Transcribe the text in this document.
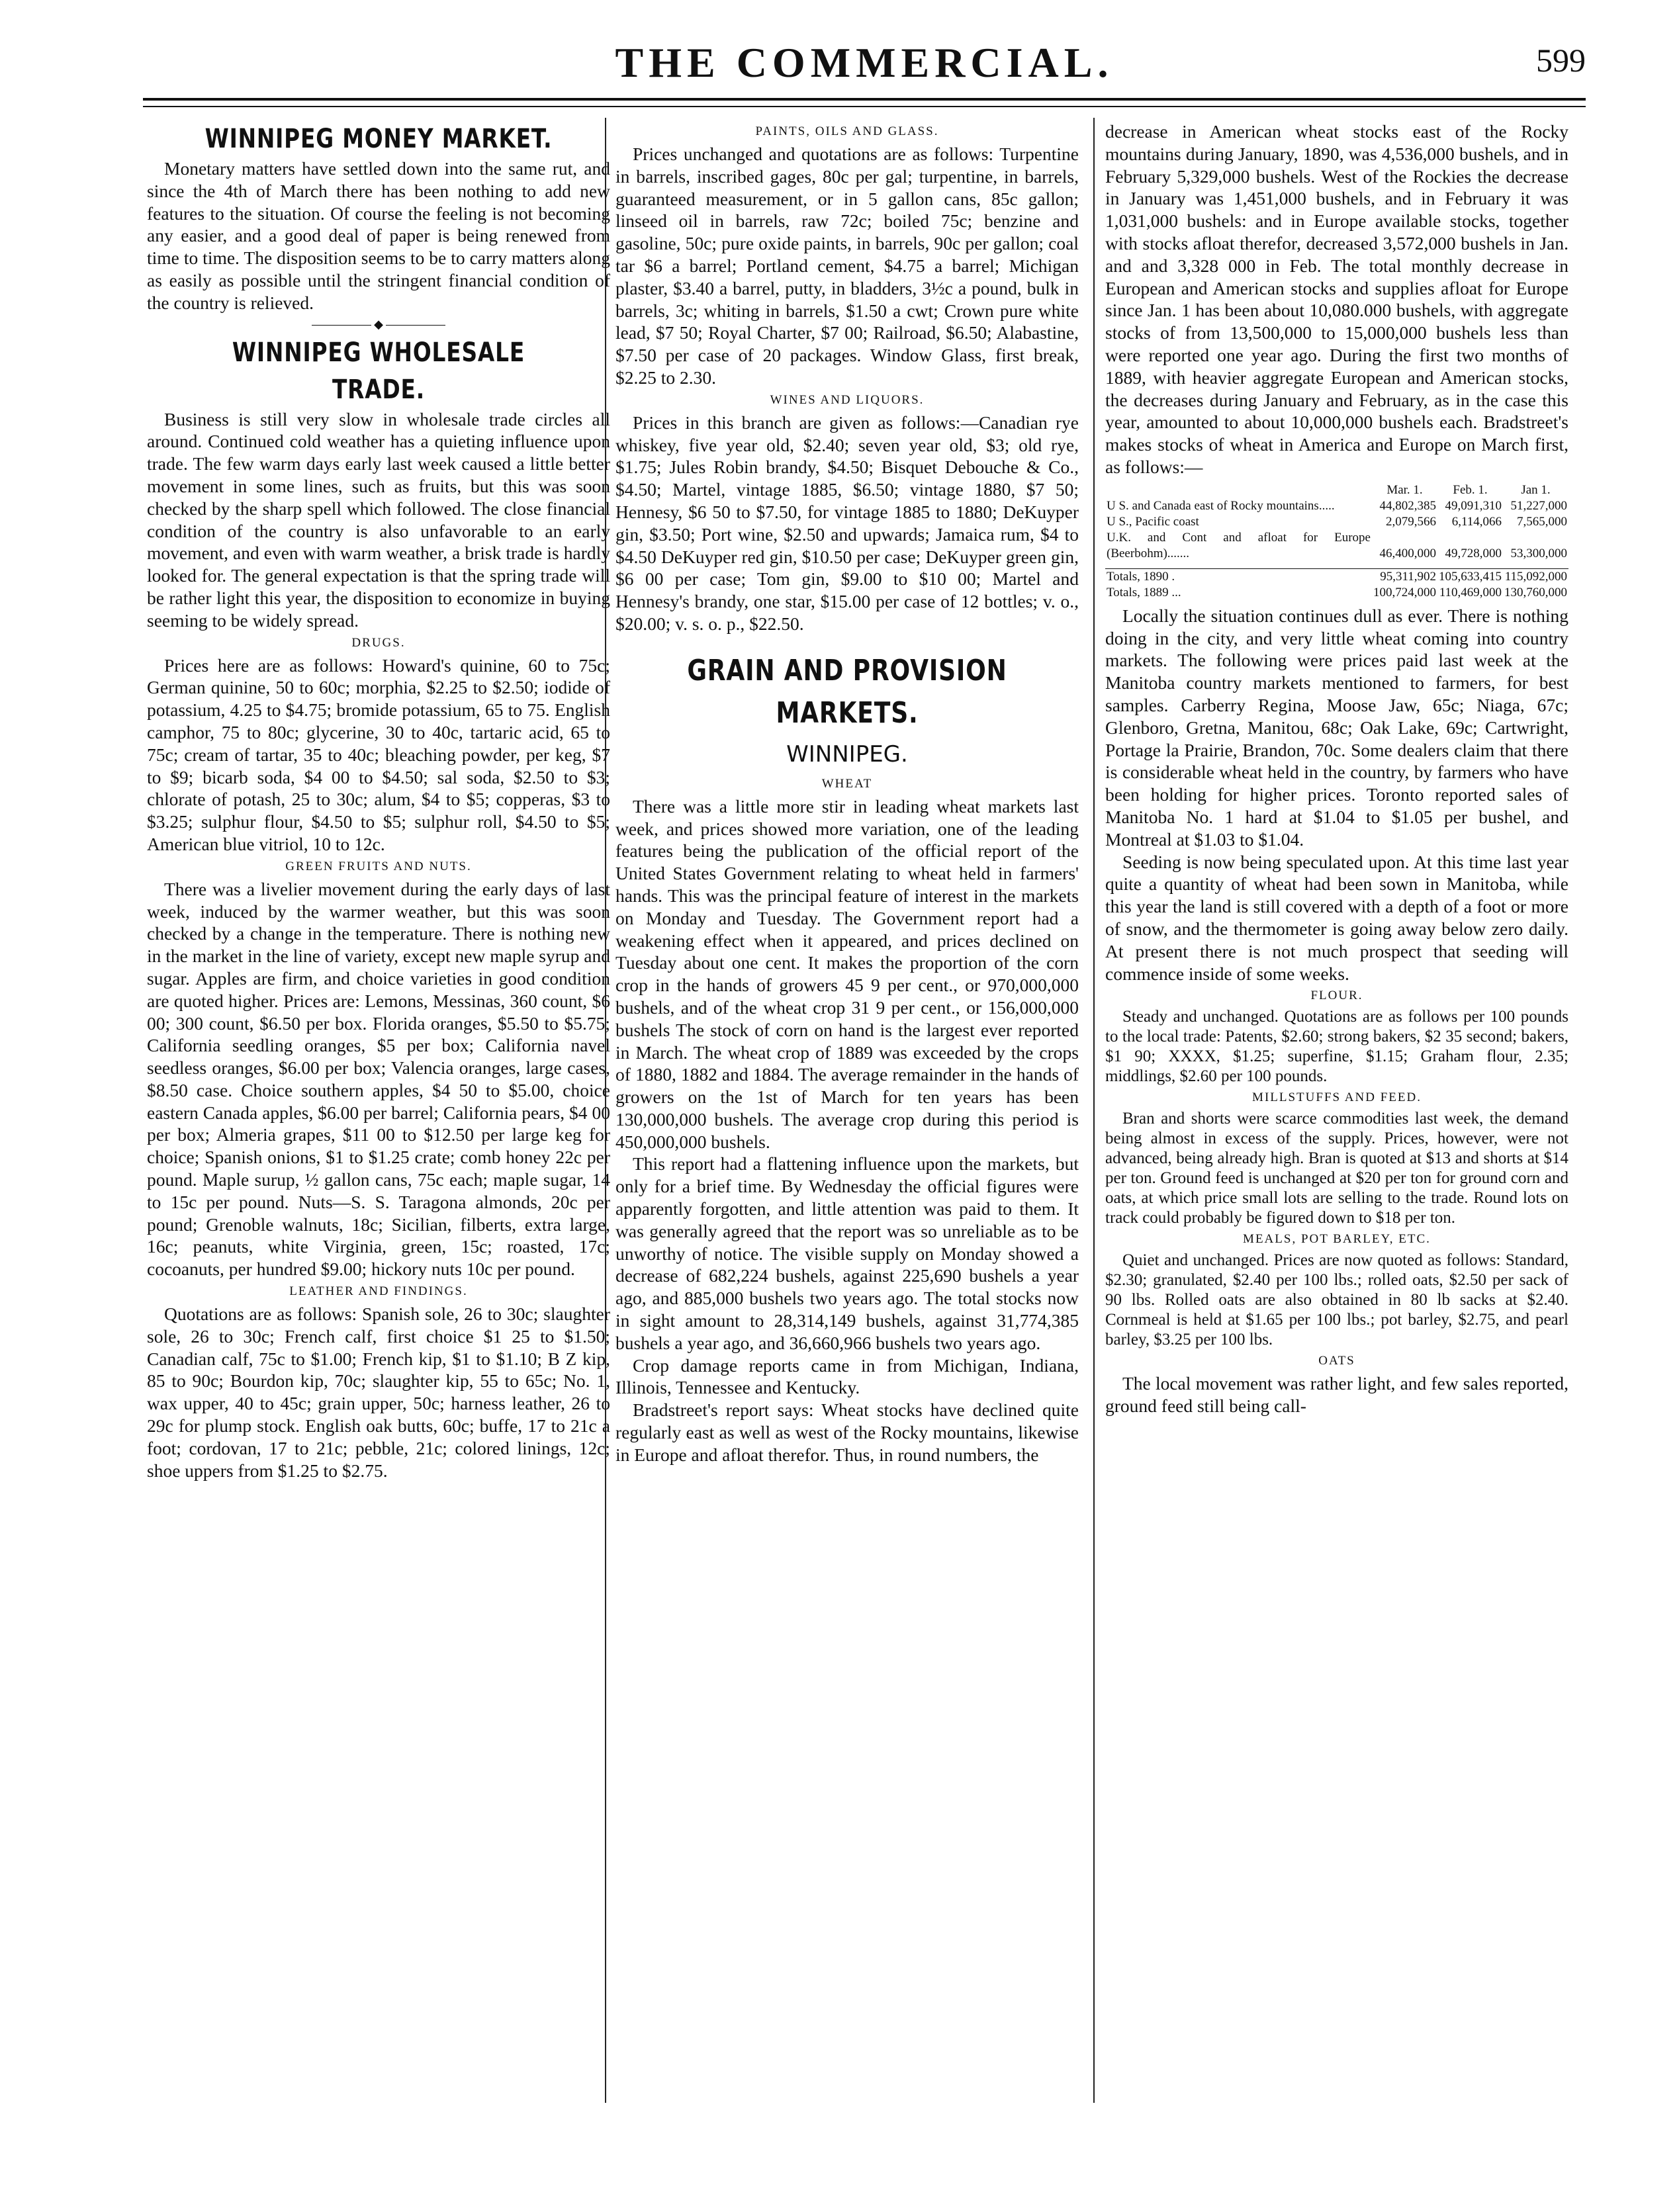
THE COMMERCIAL.	599
WINNIPEG MONEY MARKET.

Monetary matters have settled down into the same rut, and since the 4th of March there has been nothing to add new features to the situation. Of course the feeling is not becoming any easier, and a good deal of paper is being renewed from time to time. The disposition seems to be to carry matters along as easily as possible until the stringent financial condition of the country is relieved.

◆
WINNIPEG WHOLESALE TRADE.

Business is still very slow in wholesale trade circles all around. Continued cold weather has a quieting influence upon trade. The few warm days early last week caused a little better movement in some lines, such as fruits, but this was soon checked by the sharp spell which followed. The close financial condition of the country is also unfavorable to an early movement, and even with warm weather, a brisk trade is hardly looked for. The general expectation is that the spring trade will be rather light this year, the disposition to economize in buying seeming to be widely spread.

DRUGS.

Prices here are as follows: Howard's quinine, 60 to 75c; German quinine, 50 to 60c; morphia, $2.25 to $2.50; iodide of potassium, 4.25 to $4.75; bromide potassium, 65 to 75. English camphor, 75 to 80c; glycerine, 30 to 40c, tartaric acid, 65 to 75c; cream of tartar, 35 to 40c; bleaching powder, per keg, $7 to $9; bicarb soda, $4 00 to $4.50; sal soda, $2.50 to $3; chlorate of potash, 25 to 30c; alum, $4 to $5; copperas, $3 to $3.25; sulphur flour, $4.50 to $5; sulphur roll, $4.50 to $5; American blue vitriol, 10 to 12c.

GREEN FRUITS AND NUTS.

There was a livelier movement during the early days of last week, induced by the warmer weather, but this was soon checked by a change in the temperature. There is nothing new in the market in the line of variety, except new maple syrup and sugar. Apples are firm, and choice varieties in good condition are quoted higher. Prices are: Lemons, Messinas, 360 count, $6 00; 300 count, $6.50 per box. Florida oranges, $5.50 to $5.75; California seedling oranges, $5 per box; California navel seedless oranges, $6.00 per box; Valencia oranges, large cases, $8.50 case. Choice southern apples, $4 50 to $5.00, choice eastern Canada apples, $6.00 per barrel; California pears, $4 00 per box; Almeria grapes, $11 00 to $12.50 per large keg for choice; Spanish onions, $1 to $1.25 crate; comb honey 22c per pound. Maple surup, ½ gallon cans, 75c each; maple sugar, 14 to 15c per pound. Nuts—S. S. Taragona almonds, 20c per pound; Grenoble walnuts, 18c; Sicilian, filberts, extra large, 16c; peanuts, white Virginia, green, 15c; roasted, 17c; cocoanuts, per hundred $9.00; hickory nuts 10c per pound.

LEATHER AND FINDINGS.

Quotations are as follows: Spanish sole, 26 to 30c; slaughter sole, 26 to 30c; French calf, first choice $1 25 to $1.50; Canadian calf, 75c to $1.00; French kip, $1 to $1.10; B Z kip, 85 to 90c; Bourdon kip, 70c; slaughter kip, 55 to 65c; No. 1, wax upper, 40 to 45c; grain upper, 50c; harness leather, 26 to 29c for plump stock. English oak butts, 60c; buffe, 17 to 21c a foot; cordovan, 17 to 21c; pebble, 21c; colored linings, 12c; shoe uppers from $1.25 to $2.75.

PAINTS, OILS AND GLASS.

Prices unchanged and quotations are as follows: Turpentine in barrels, inscribed gages, 80c per gal; turpentine, in barrels, guaranteed measurement, or in 5 gallon cans, 85c gallon; linseed oil in barrels, raw 72c; boiled 75c; benzine and gasoline, 50c; pure oxide paints, in barrels, 90c per gallon; coal tar $6 a barrel; Portland cement, $4.75 a barrel; Michigan plaster, $3.40 a barrel, putty, in bladders, 3½c a pound, bulk in barrels, 3c; whiting in barrels, $1.50 a cwt; Crown pure white lead, $7 50; Royal Charter, $7 00; Railroad, $6.50; Alabastine, $7.50 per case of 20 packages. Window Glass, first break, $2.25 to 2.30.

WINES AND LIQUORS.

Prices in this branch are given as follows:—Canadian rye whiskey, five year old, $2.40; seven year old, $3; old rye, $1.75; Jules Robin brandy, $4.50; Bisquet Debouche & Co., $4.50; Martel, vintage 1885, $6.50; vintage 1880, $7 50; Hennesy, $6 50 to $7.50, for vintage 1885 to 1880; DeKuyper gin, $3.50; Port wine, $2.50 and upwards; Jamaica rum, $4 to $4.50 DeKuyper red gin, $10.50 per case; DeKuyper green gin, $6 00 per case; Tom gin, $9.00 to $10 00; Martel and Hennesy's brandy, one star, $15.00 per case of 12 bottles; v. o., $20.00; v. s. o. p., $22.50.

GRAIN AND PROVISION MARKETS.
WINNIPEG.
WHEAT

There was a little more stir in leading wheat markets last week, and prices showed more variation, one of the leading features being the publication of the official report of the United States Government relating to wheat held in farmers' hands. This was the principal feature of interest in the markets on Monday and Tuesday. The Government report had a weakening effect when it appeared, and prices declined on Tuesday about one cent. It makes the proportion of the corn crop in the hands of growers 45 9 per cent., or 970,000,000 bushels, and of the wheat crop 31 9 per cent., or 156,000,000 bushels The stock of corn on hand is the largest ever reported in March. The wheat crop of 1889 was exceeded by the crops of 1880, 1882 and 1884. The average remainder in the hands of growers on the 1st of March for ten years has been 130,000,000 bushels. The average crop during this period is 450,000,000 bushels.

This report had a flattening influence upon the markets, but only for a brief time. By Wednesday the official figures were apparently forgotten, and little attention was paid to them. It was generally agreed that the report was so unreliable as to be unworthy of notice. The visible supply on Monday showed a decrease of 682,224 bushels, against 225,690 bushels a year ago, and 885,000 bushels two years ago. The total stocks now in sight amount to 28,314,149 bushels, against 31,774,385 bushels a year ago, and 36,660,966 bushels two years ago.

Crop damage reports came in from Michigan, Indiana, Illinois, Tennessee and Kentucky.

Bradstreet's report says: Wheat stocks have declined quite regularly east as well as west of the Rocky mountains, likewise in Europe and afloat therefor. Thus, in round numbers, the

decrease in American wheat stocks east of the Rocky mountains during January, 1890, was 4,536,000 bushels, and in February 5,329,000 bushels. West of the Rockies the decrease in January was 1,451,000 bushels, and in February it was 1,031,000 bushels: and in Europe available stocks, together with stocks afloat therefor, decreased 3,572,000 bushels in Jan. and and 3,328 000 in Feb. The total monthly decrease in European and American stocks and supplies afloat for Europe since Jan. 1 has been about 10,080.000 bushels, with aggregate stocks of from 13,500,000 to 15,000,000 bushels less than were reported one year ago. During the first two months of 1889, with heavier aggregate European and American stocks, the decreases during January and February, as in the case this year, amounted to about 10,000,000 bushels each. Bradstreet's makes stocks of wheat in America and Europe on March first, as follows:—

	Mar. 1.	Feb. 1.	Jan 1.
U S. and Canada east of Rocky mountains.....	44,802,385	49,091,310	51,227,000
U S., Pacific coast	2,079,566	6,114,066	7,565,000
U.K. and Cont and afloat for Europe (Beerbohm).......	46,400,000	49,728,000	53,300,000

Totals, 1890 .	95,311,902	105,633,415	115,092,000
Totals, 1889 ...	100,724,000	110,469,000	130,760,000

Locally the situation continues dull as ever. There is nothing doing in the city, and very little wheat coming into country markets. The following were prices paid last week at the Manitoba country markets mentioned to farmers, for best samples. Carberry Regina, Moose Jaw, 65c; Niaga, 67c; Glenboro, Gretna, Manitou, 68c; Oak Lake, 69c; Cartwright, Portage la Prairie, Brandon, 70c. Some dealers claim that there is considerable wheat held in the country, by farmers who have been holding for higher prices. Toronto reported sales of Manitoba No. 1 hard at $1.04 to $1.05 per bushel, and Montreal at $1.03 to $1.04.

Seeding is now being speculated upon. At this time last year quite a quantity of wheat had been sown in Manitoba, while this year the land is still covered with a depth of a foot or more of snow, and the thermometer is going away below zero daily. At present there is not much prospect that seeding will commence inside of some weeks.

FLOUR.

Steady and unchanged. Quotations are as follows per 100 pounds to the local trade: Patents, $2.60; strong bakers, $2 35 second; bakers, $1 90; XXXX, $1.25; superfine, $1.15; Graham flour, 2.35; middlings, $2.60 per 100 pounds.

MILLSTUFFS AND FEED.

Bran and shorts were scarce commodities last week, the demand being almost in excess of the supply. Prices, however, were not advanced, being already high. Bran is quoted at $13 and shorts at $14 per ton. Ground feed is unchanged at $20 per ton for ground corn and oats, at which price small lots are selling to the trade. Round lots on track could probably be figured down to $18 per ton.

MEALS, POT BARLEY, ETC.

Quiet and unchanged. Prices are now quoted as follows: Standard, $2.30; granulated, $2.40 per 100 lbs.; rolled oats, $2.50 per sack of 90 lbs. Rolled oats are also obtained in 80 lb sacks at $2.40. Cornmeal is held at $1.65 per 100 lbs.; pot barley, $2.75, and pearl barley, $3.25 per 100 lbs.

OATS

The local movement was rather light, and few sales reported, ground feed still being call-
